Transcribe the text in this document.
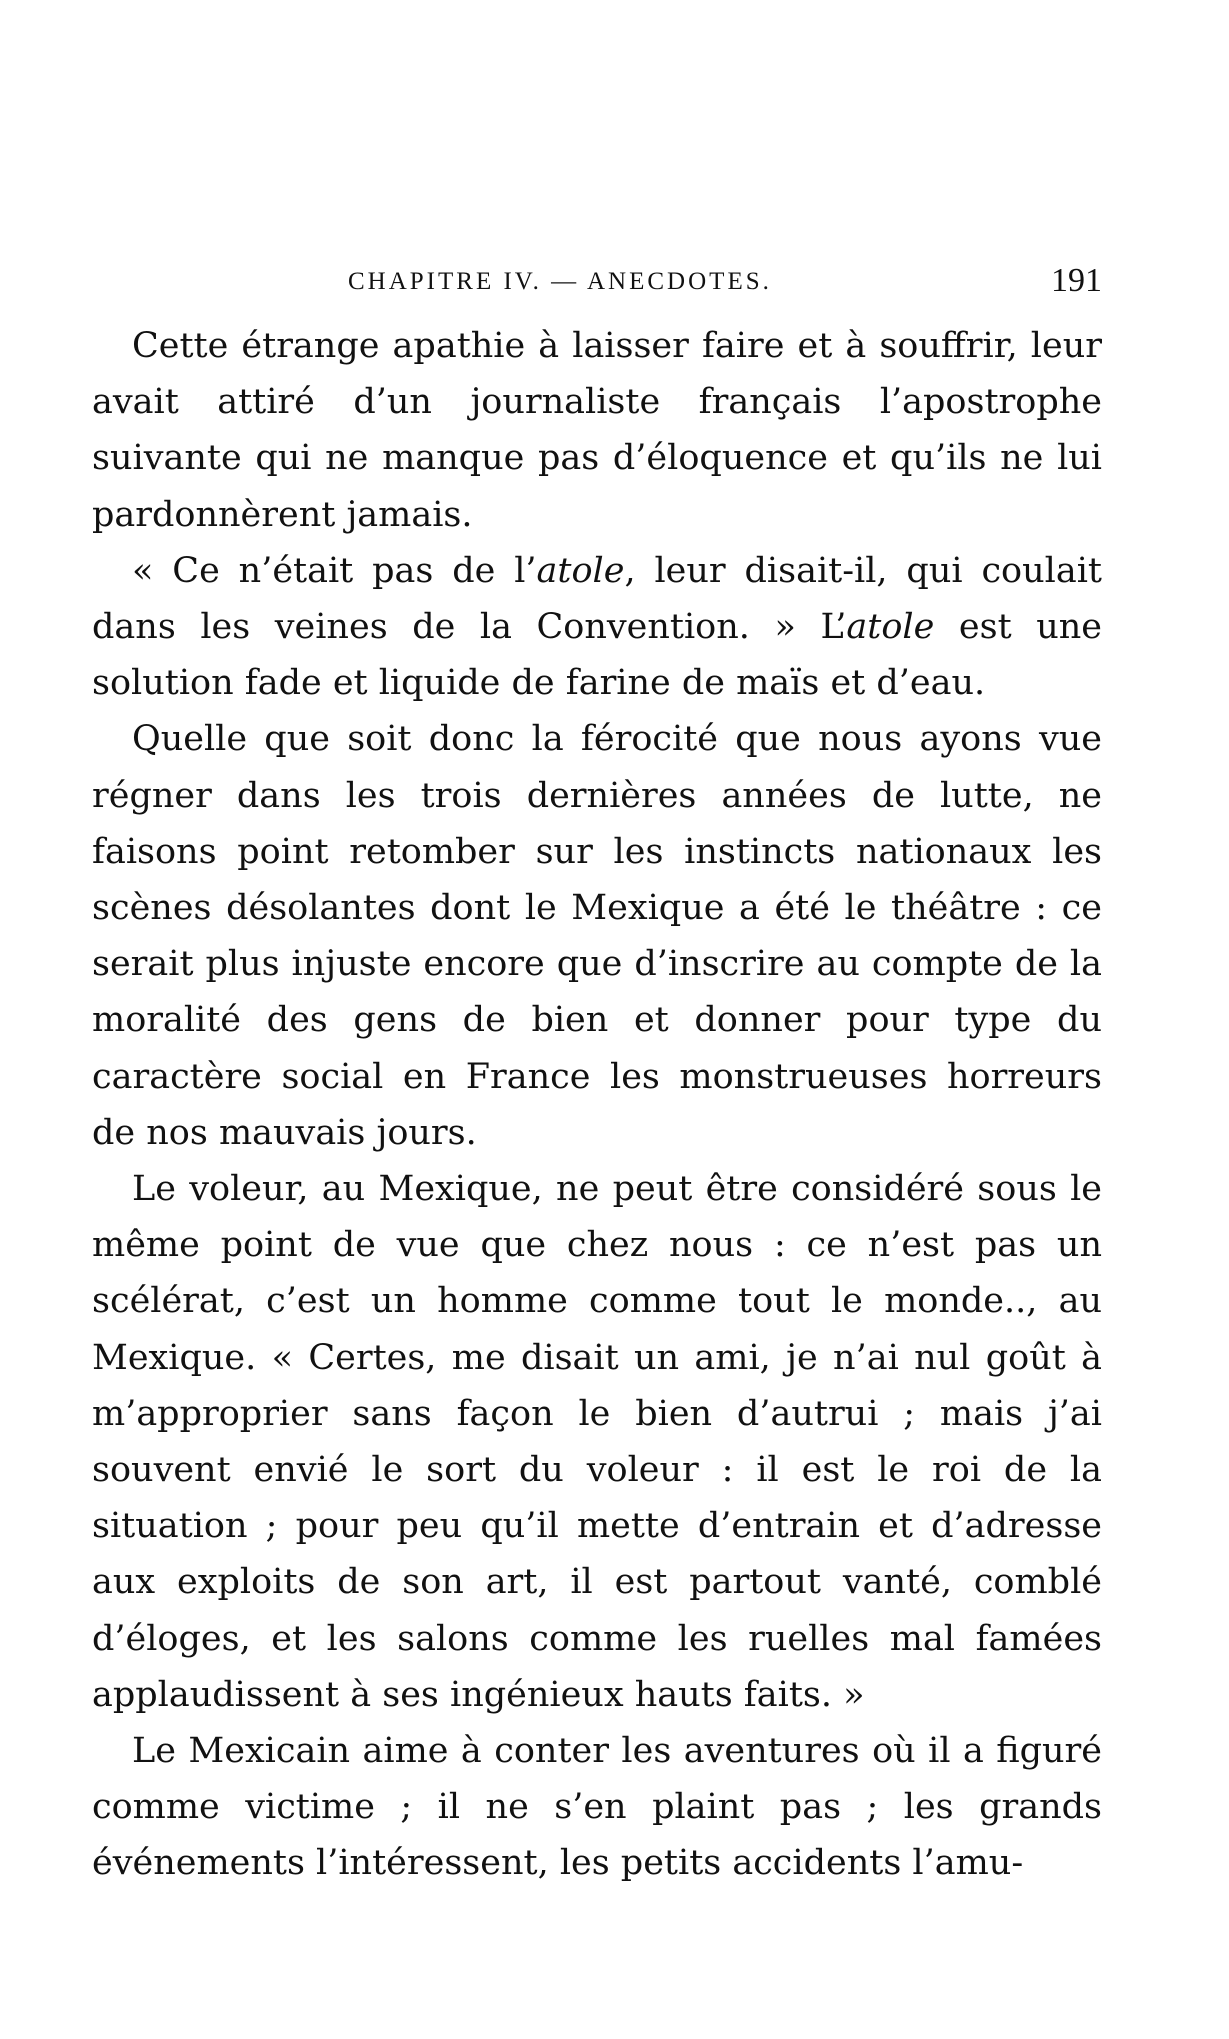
CHAPITRE IV. — ANECDOTES.	191

Cette étrange apathie à laisser faire et à souffrir, leur avait attiré d’un journaliste français l’apostrophe suivante qui ne manque pas d’éloquence et qu’ils ne lui pardonnèrent jamais.

« Ce n’était pas de l’atole, leur disait-il, qui coulait dans les veines de la Convention. » L’atole est une solution fade et liquide de farine de maïs et d’eau.

Quelle que soit donc la férocité que nous ayons vue régner dans les trois dernières années de lutte, ne faisons point retomber sur les instincts nationaux les scènes désolantes dont le Mexique a été le théâtre : ce serait plus injuste encore que d’inscrire au compte de la moralité des gens de bien et donner pour type du caractère social en France les monstrueuses horreurs de nos mauvais jours.

Le voleur, au Mexique, ne peut être considéré sous le même point de vue que chez nous : ce n’est pas un scélérat, c’est un homme comme tout le monde.., au Mexique. « Certes, me disait un ami, je n’ai nul goût à m’approprier sans façon le bien d’autrui ; mais j’ai souvent envié le sort du voleur : il est le roi de la situation ; pour peu qu’il mette d’entrain et d’adresse aux exploits de son art, il est partout vanté, comblé d’éloges, et les salons comme les ruelles mal famées applaudissent à ses ingénieux hauts faits. »

Le Mexicain aime à conter les aventures où il a figuré comme victime ; il ne s’en plaint pas ; les grands événements l’intéressent, les petits accidents l’amu-
